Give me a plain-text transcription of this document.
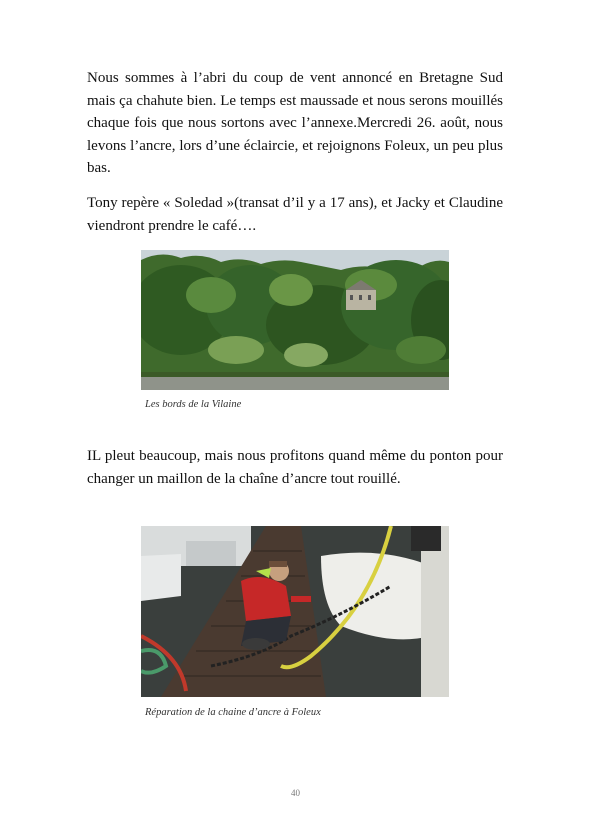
Nous sommes à l’abri du coup de vent annoncé en Bretagne Sud mais ça chahute bien. Le temps est maussade et nous serons mouillés chaque fois que nous sortons avec l’annexe.Mercredi 26. août, nous levons l’ancre, lors d’une éclaircie, et rejoignons Foleux, un peu plus bas.

Tony repère « Soledad »(transat d’il y a 17 ans), et Jacky et Claudine viendront prendre le café….

Les bords de la Vilaine

IL pleut beaucoup, mais nous profitons quand même du ponton pour changer un maillon de la chaîne d’ancre tout rouillé.

Réparation de la chaine d’ancre à Foleux
40
